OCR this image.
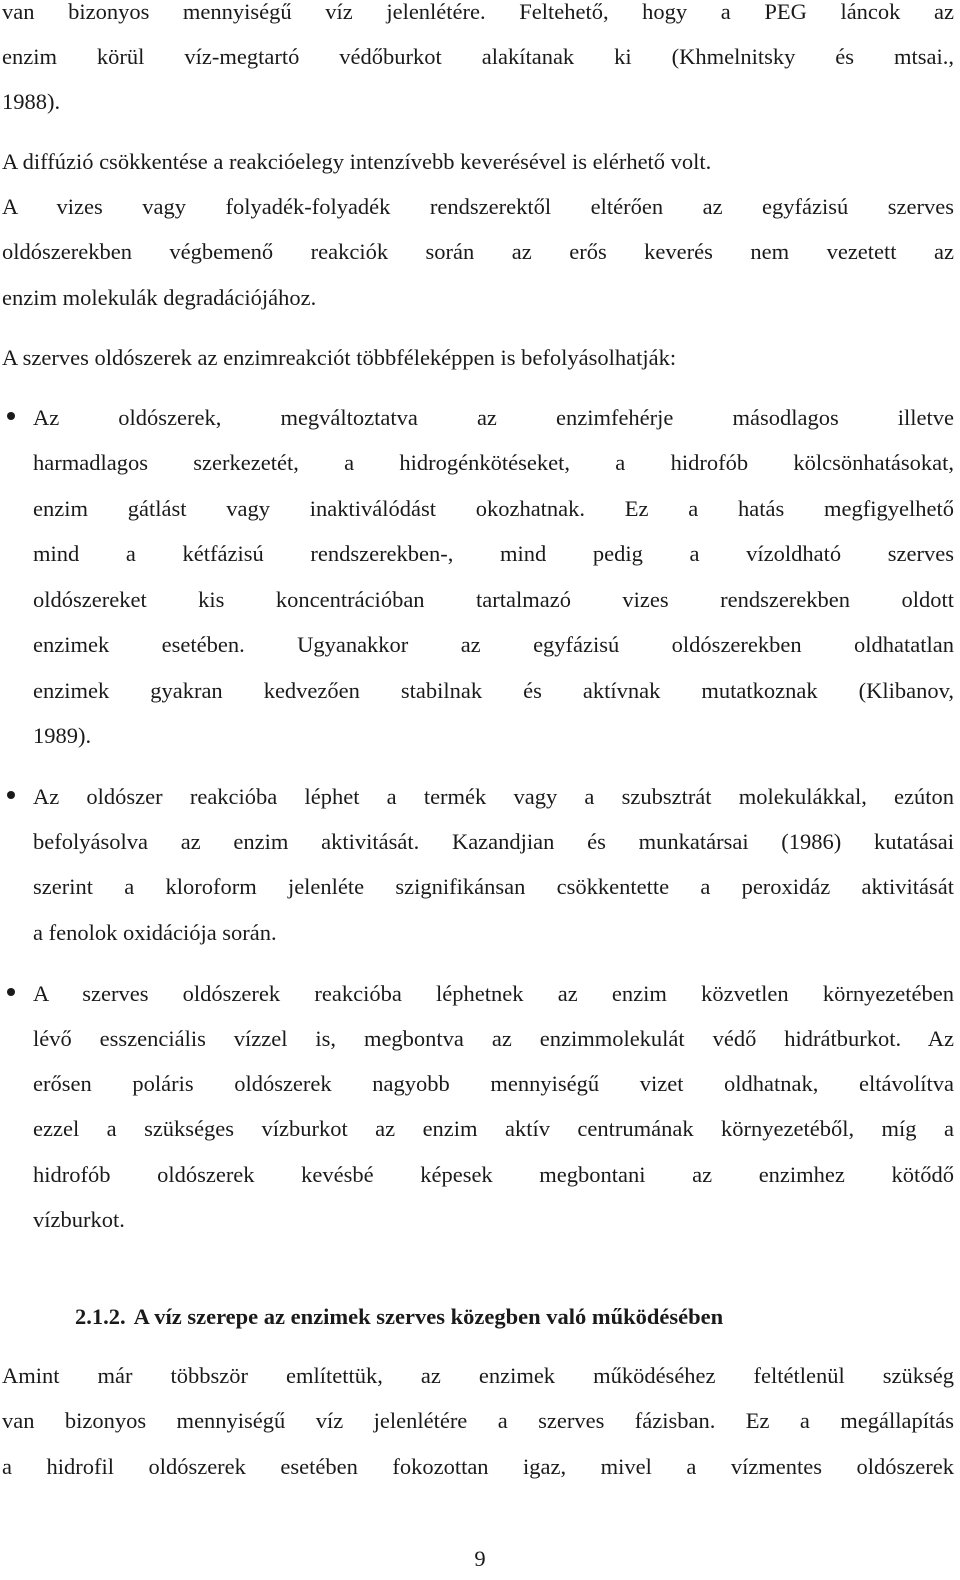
van bizonyos mennyiségű víz jelenlétére. Feltehető, hogy a PEG láncok az
enzim körül víz-megtartó védőburkot alakítanak ki (Khmelnitsky és mtsai.,
1988).
A diffúzió csökkentése a reakcióelegy intenzívebb keverésével is elérhető volt.
A vizes vagy folyadék-folyadék rendszerektől eltérően az egyfázisú szerves
oldószerekben végbemenő reakciók során az erős keverés nem vezetett az
enzim molekulák degradációjához.
A szerves oldószerek az enzimreakciót többféleképpen is befolyásolhatják:
Az oldószerek, megváltoztatva az enzimfehérje másodlagos illetve
harmadlagos szerkezetét, a hidrogénkötéseket, a hidrofób kölcsönhatásokat,
enzim gátlást vagy inaktiválódást okozhatnak. Ez a hatás megfigyelhető
mind a kétfázisú rendszerekben-, mind pedig a vízoldható szerves
oldószereket kis koncentrációban tartalmazó vizes rendszerekben oldott
enzimek esetében. Ugyanakkor az egyfázisú oldószerekben oldhatatlan
enzimek gyakran kedvezően stabilnak és aktívnak mutatkoznak (Klibanov,
1989).
Az oldószer reakcióba léphet a termék vagy a szubsztrát molekulákkal, ezúton
befolyásolva az enzim aktivitását. Kazandjian és munkatársai (1986) kutatásai
szerint a kloroform jelenléte szignifikánsan csökkentette a peroxidáz aktivitását
a fenolok oxidációja során.
A szerves oldószerek reakcióba léphetnek az enzim közvetlen környezetében
lévő esszenciális vízzel is, megbontva az enzimmolekulát védő hidrátburkot. Az
erősen poláris oldószerek nagyobb mennyiségű vizet oldhatnak, eltávolítva
ezzel a szükséges vízburkot az enzim aktív centrumának környezetéből, míg a
hidrofób oldószerek kevésbé képesek megbontani az enzimhez kötődő
vízburkot.
2.1.2. A víz szerepe az enzimek szerves közegben való működésében
Amint már többször említettük, az enzimek működéséhez feltétlenül szükség
van bizonyos mennyiségű víz jelenlétére a szerves fázisban. Ez a megállapítás
a hidrofil oldószerek esetében fokozottan igaz, mivel a vízmentes oldószerek
9
